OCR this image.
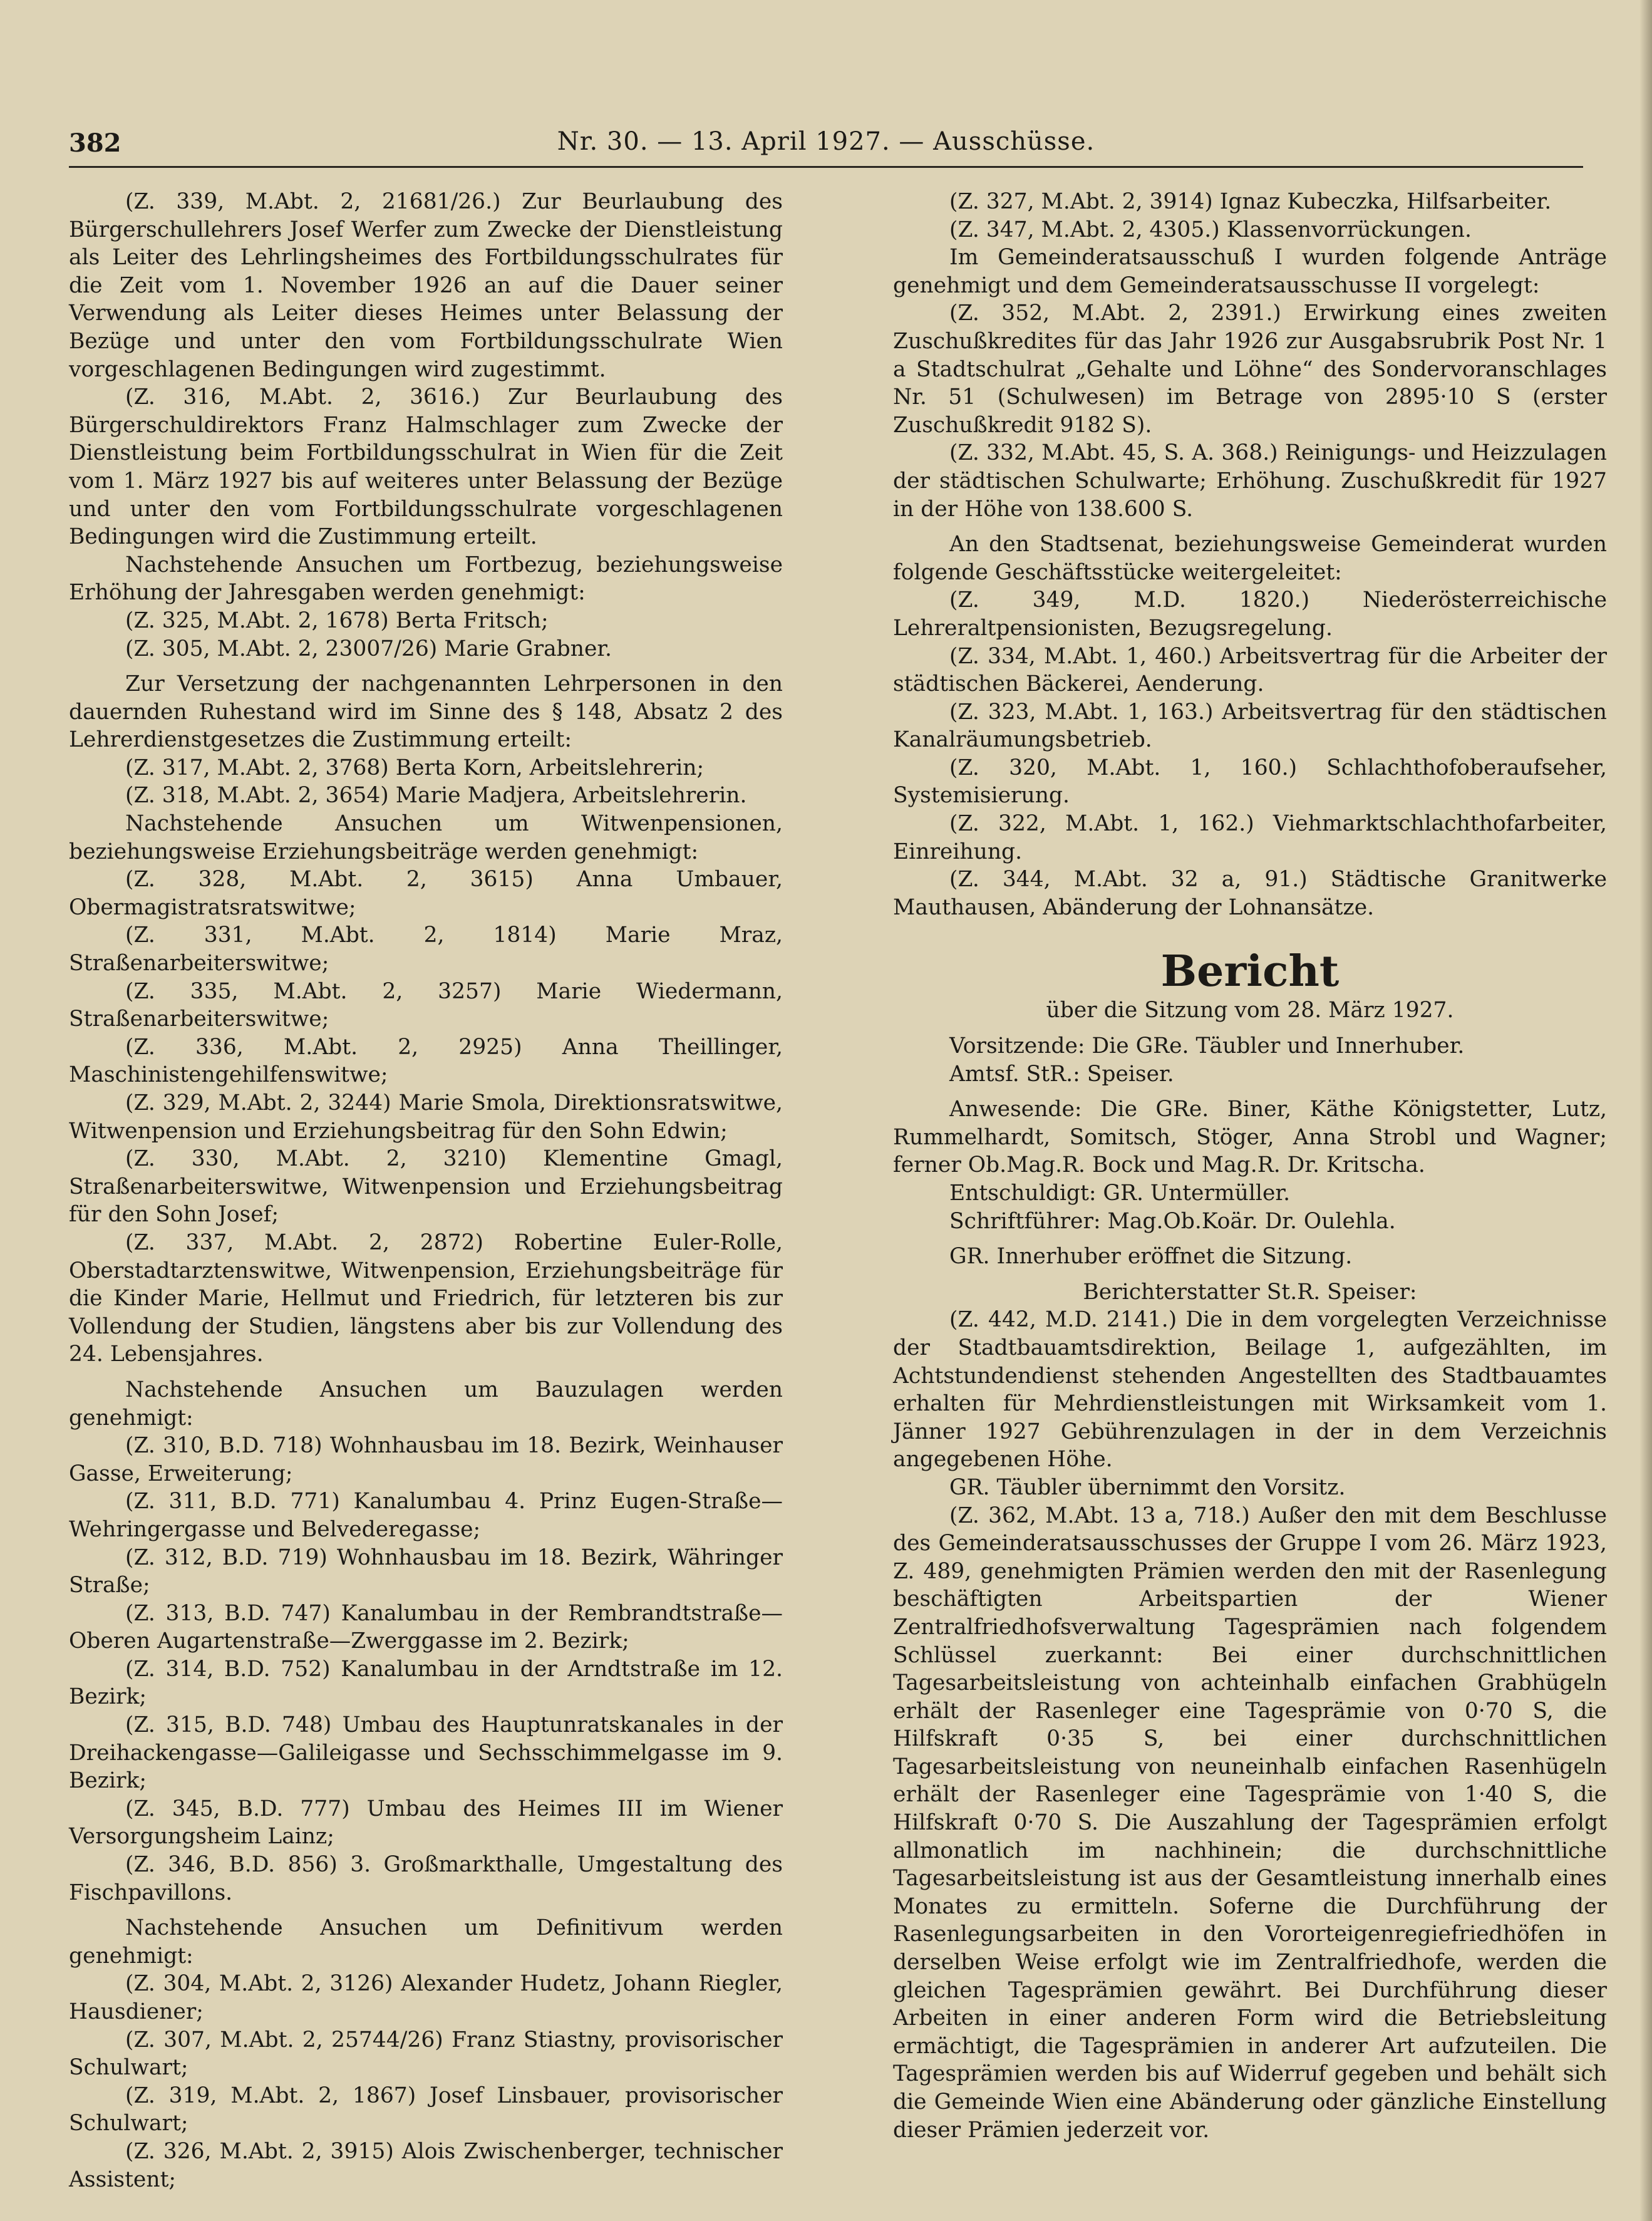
382	Nr. 30. — 13. April 1927. — Ausschüsse.

(Z. 339, M.Abt. 2, 21681/26.) Zur Beurlaubung des Bürgerschullehrers Josef Werfer zum Zwecke der Dienstleistung als Leiter des Lehrlingsheimes des Fortbildungsschulrates für die Zeit vom 1. November 1926 an auf die Dauer seiner Verwendung als Leiter dieses Heimes unter Belassung der Bezüge und unter den vom Fortbildungsschulrate Wien vorgeschlagenen Bedingungen wird zugestimmt.

(Z. 316, M.Abt. 2, 3616.) Zur Beurlaubung des Bürgerschuldirektors Franz Halmschlager zum Zwecke der Dienstleistung beim Fortbildungsschulrat in Wien für die Zeit vom 1. März 1927 bis auf weiteres unter Belassung der Bezüge und unter den vom Fortbildungsschulrate vorgeschlagenen Bedingungen wird die Zustimmung erteilt.

Nachstehende Ansuchen um Fortbezug, beziehungsweise Erhöhung der Jahresgaben werden genehmigt:

(Z. 325, M.Abt. 2, 1678) Berta Fritsch;

(Z. 305, M.Abt. 2, 23007/26) Marie Grabner.

Zur Versetzung der nachgenannten Lehrpersonen in den dauernden Ruhestand wird im Sinne des § 148, Absatz 2 des Lehrerdienstgesetzes die Zustimmung erteilt:

(Z. 317, M.Abt. 2, 3768) Berta Korn, Arbeitslehrerin;

(Z. 318, M.Abt. 2, 3654) Marie Madjera, Arbeitslehrerin.

Nachstehende Ansuchen um Witwenpensionen, beziehungsweise Erziehungsbeiträge werden genehmigt:

(Z. 328, M.Abt. 2, 3615) Anna Umbauer, Obermagistratsratswitwe;

(Z. 331, M.Abt. 2, 1814) Marie Mraz, Straßenarbeiterswitwe;

(Z. 335, M.Abt. 2, 3257) Marie Wiedermann, Straßenarbeiterswitwe;

(Z. 336, M.Abt. 2, 2925) Anna Theillinger, Maschinistengehilfenswitwe;

(Z. 329, M.Abt. 2, 3244) Marie Smola, Direktionsratswitwe, Witwenpension und Erziehungsbeitrag für den Sohn Edwin;

(Z. 330, M.Abt. 2, 3210) Klementine Gmagl, Straßenarbeiterswitwe, Witwenpension und Erziehungsbeitrag für den Sohn Josef;

(Z. 337, M.Abt. 2, 2872) Robertine Euler-Rolle, Oberstadtarztenswitwe, Witwenpension, Erziehungsbeiträge für die Kinder Marie, Hellmut und Friedrich, für letzteren bis zur Vollendung der Studien, längstens aber bis zur Vollendung des 24. Lebensjahres.

Nachstehende Ansuchen um Bauzulagen werden genehmigt:

(Z. 310, B.D. 718) Wohnhausbau im 18. Bezirk, Weinhauser Gasse, Erweiterung;

(Z. 311, B.D. 771) Kanalumbau 4. Prinz Eugen-Straße—Wehringergasse und Belvederegasse;

(Z. 312, B.D. 719) Wohnhausbau im 18. Bezirk, Währinger Straße;

(Z. 313, B.D. 747) Kanalumbau in der Rembrandtstraße—Oberen Augartenstraße—Zwerggasse im 2. Bezirk;

(Z. 314, B.D. 752) Kanalumbau in der Arndtstraße im 12. Bezirk;

(Z. 315, B.D. 748) Umbau des Hauptunratskanales in der Dreihackengasse—Galileigasse und Sechsschimmelgasse im 9. Bezirk;

(Z. 345, B.D. 777) Umbau des Heimes III im Wiener Versorgungsheim Lainz;

(Z. 346, B.D. 856) 3. Großmarkthalle, Umgestaltung des Fischpavillons.

Nachstehende Ansuchen um Definitivum werden genehmigt:

(Z. 304, M.Abt. 2, 3126) Alexander Hudetz, Johann Riegler, Hausdiener;

(Z. 307, M.Abt. 2, 25744/26) Franz Stiastny, provisorischer Schulwart;

(Z. 319, M.Abt. 2, 1867) Josef Linsbauer, provisorischer Schulwart;

(Z. 326, M.Abt. 2, 3915) Alois Zwischenberger, technischer Assistent;

(Z. 327, M.Abt. 2, 3914) Ignaz Kubeczka, Hilfsarbeiter.

(Z. 347, M.Abt. 2, 4305.) Klassenvorrückungen.

Im Gemeinderatsausschuß I wurden folgende Anträge genehmigt und dem Gemeinderatsausschusse II vorgelegt:

(Z. 352, M.Abt. 2, 2391.) Erwirkung eines zweiten Zuschußkredites für das Jahr 1926 zur Ausgabsrubrik Post Nr. 1 a Stadtschulrat „Gehalte und Löhne“ des Sondervoranschlages Nr. 51 (Schulwesen) im Betrage von 2895·10 S (erster Zuschußkredit 9182 S).

(Z. 332, M.Abt. 45, S. A. 368.) Reinigungs- und Heizzulagen der städtischen Schulwarte; Erhöhung. Zuschußkredit für 1927 in der Höhe von 138.600 S.

An den Stadtsenat, beziehungsweise Gemeinderat wurden folgende Geschäftsstücke weitergeleitet:

(Z. 349, M.D. 1820.) Niederösterreichische Lehreraltpensionisten, Bezugsregelung.

(Z. 334, M.Abt. 1, 460.) Arbeitsvertrag für die Arbeiter der städtischen Bäckerei, Aenderung.

(Z. 323, M.Abt. 1, 163.) Arbeitsvertrag für den städtischen Kanalräumungsbetrieb.

(Z. 320, M.Abt. 1, 160.) Schlachthofoberaufseher, Systemisierung.

(Z. 322, M.Abt. 1, 162.) Viehmarktschlachthofarbeiter, Einreihung.

(Z. 344, M.Abt. 32 a, 91.) Städtische Granitwerke Mauthausen, Abänderung der Lohnansätze.

Bericht

über die Sitzung vom 28. März 1927.

Vorsitzende: Die GRe. Täubler und Innerhuber.

Amtsf. StR.: Speiser.

Anwesende: Die GRe. Biner, Käthe Königstetter, Lutz, Rummelhardt, Somitsch, Stöger, Anna Strobl und Wagner; ferner Ob.Mag.R. Bock und Mag.R. Dr. Kritscha.

Entschuldigt: GR. Untermüller.

Schriftführer: Mag.Ob.Koär. Dr. Oulehla.

GR. Innerhuber eröffnet die Sitzung.

Berichterstatter St.R. Speiser:

(Z. 442, M.D. 2141.) Die in dem vorgelegten Verzeichnisse der Stadtbauamtsdirektion, Beilage 1, aufgezählten, im Achtstundendienst stehenden Angestellten des Stadtbauamtes erhalten für Mehrdienstleistungen mit Wirksamkeit vom 1. Jänner 1927 Gebührenzulagen in der in dem Verzeichnis angegebenen Höhe.

GR. Täubler übernimmt den Vorsitz.

(Z. 362, M.Abt. 13 a, 718.) Außer den mit dem Beschlusse des Gemeinderatsausschusses der Gruppe I vom 26. März 1923, Z. 489, genehmigten Prämien werden den mit der Rasenlegung beschäftigten Arbeitspartien der Wiener Zentralfriedhofsverwaltung Tagesprämien nach folgendem Schlüssel zuerkannt: Bei einer durchschnittlichen Tagesarbeitsleistung von achteinhalb einfachen Grabhügeln erhält der Rasenleger eine Tagesprämie von 0·70 S, die Hilfskraft 0·35 S, bei einer durchschnittlichen Tagesarbeitsleistung von neuneinhalb einfachen Rasenhügeln erhält der Rasenleger eine Tagesprämie von 1·40 S, die Hilfskraft 0·70 S. Die Auszahlung der Tagesprämien erfolgt allmonatlich im nachhinein; die durchschnittliche Tagesarbeitsleistung ist aus der Gesamtleistung innerhalb eines Monates zu ermitteln. Soferne die Durchführung der Rasenlegungsarbeiten in den Vororteigenregiefriedhöfen in derselben Weise erfolgt wie im Zentralfriedhofe, werden die gleichen Tagesprämien gewährt. Bei Durchführung dieser Arbeiten in einer anderen Form wird die Betriebsleitung ermächtigt, die Tagesprämien in anderer Art aufzuteilen. Die Tagesprämien werden bis auf Widerruf gegeben und behält sich die Gemeinde Wien eine Abänderung oder gänzliche Einstellung dieser Prämien jederzeit vor.
